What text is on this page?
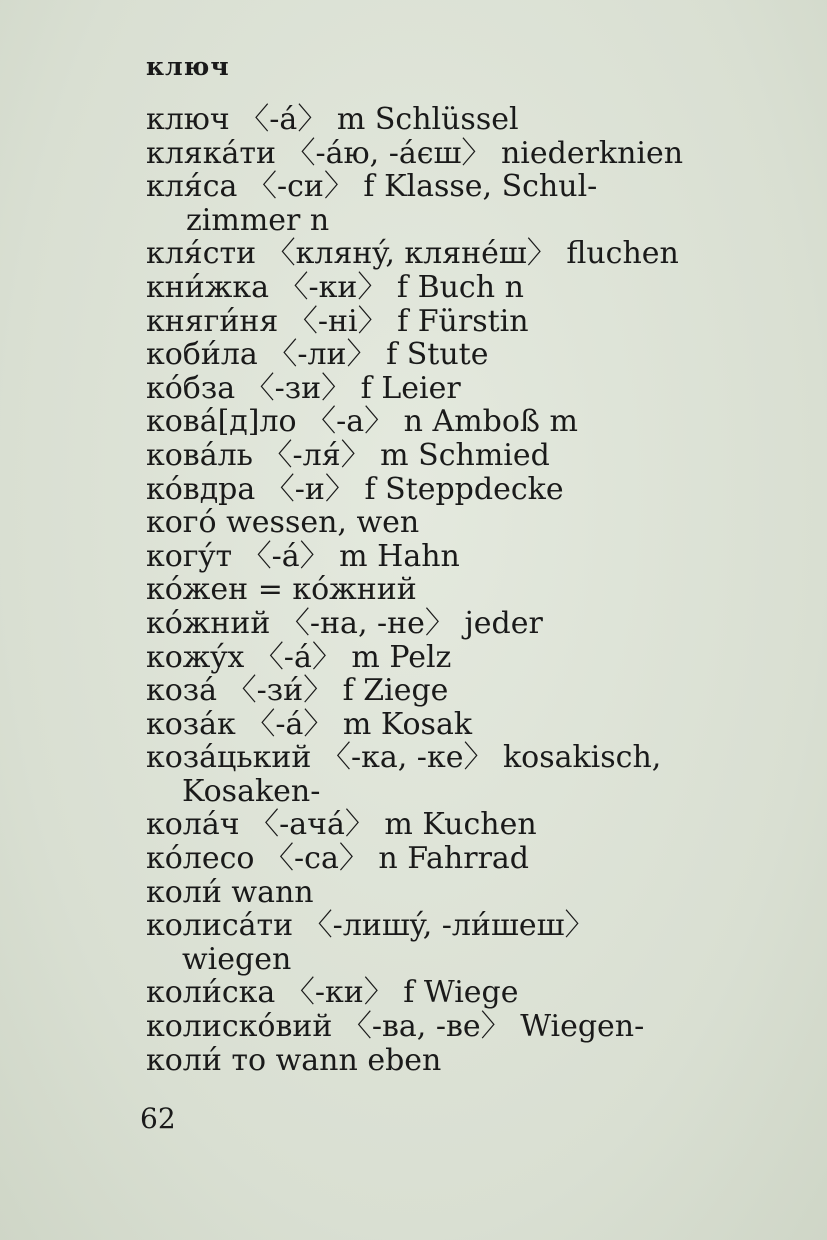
ключ
ключ 〈-á〉 m Schlüssel
клякáти 〈-áю, -áєш〉 niederknien
кля́са 〈-си〉 f Klasse, Schul-
zimmer n
кля́сти 〈клянý, клянéш〉 fluchen
кни́жка 〈-ки〉 f Buch n
княги́ня 〈-ні〉 f Fürstin
коби́ла 〈-ли〉 f Stute
кóбза 〈-зи〉 f Leier
ковá[д]ло 〈-а〉 n Amboß m
ковáль 〈-ля́〉 m Schmied
кóвдра 〈-и〉 f Steppdecke
когó wessen, wen
когýт 〈-á〉 m Hahn
кóжен = кóжний
кóжний 〈-на, -не〉 jeder
кожýх 〈-á〉 m Pelz
козá 〈-зи́〉 f Ziege
козáк 〈-á〉 m Kosak
козáцький 〈-ка, -ке〉 kosakisch,
Kosaken-
колáч 〈-ачá〉 m Kuchen
кóлесо 〈-са〉 n Fahrrad
коли́ wann
колисáти 〈-лишý, -ли́шеш〉
wiegen
коли́ска 〈-ки〉 f Wiege
колискóвий 〈-ва, -ве〉 Wiegen-
коли́ то wann eben
62
